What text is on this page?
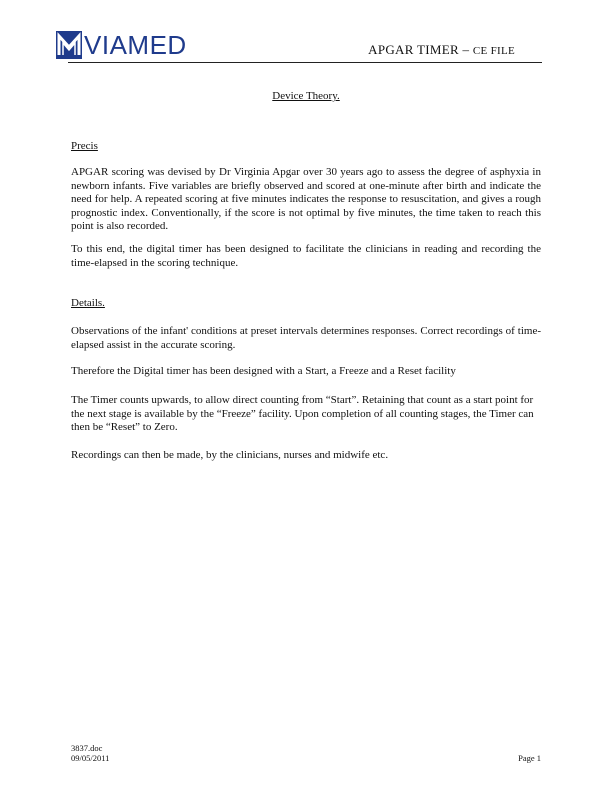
VIAMED	APGAR TIMER – CE FILE
Device Theory.
Precis

APGAR scoring was devised by Dr Virginia Apgar over 30 years ago to assess the degree of asphyxia in newborn infants. Five variables are briefly observed and scored at one-minute after birth and indicate the need for help. A repeated scoring at five minutes indicates the response to resuscitation, and gives a rough prognostic index. Conventionally, if the score is not optimal by five minutes, the time taken to reach this point is also recorded.

To this end, the digital timer has been designed to facilitate the clinicians in reading and recording the time-elapsed in the scoring technique.

Details.

Observations of the infant' conditions at preset intervals determines responses. Correct recordings of time-elapsed assist in the accurate scoring.

Therefore the Digital timer has been designed with a Start, a Freeze and a Reset facility

The Timer counts upwards, to allow direct counting from “Start”. Retaining that count as a start point for the next stage is available by the “Freeze” facility. Upon completion of all counting stages, the Timer can then be “Reset” to Zero.

Recordings can then be made, by the clinicians, nurses and midwife etc.

3837.doc
09/05/2011	Page 1
